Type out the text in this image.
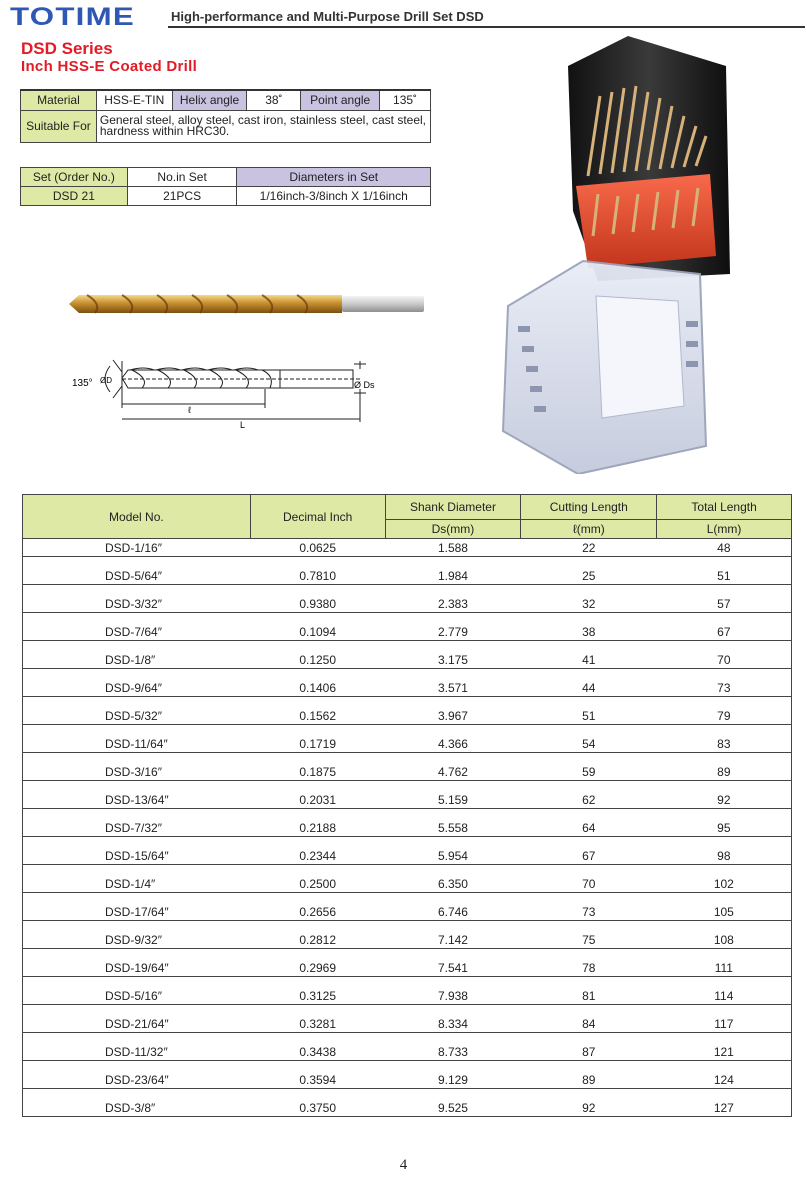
TOTIME	High-performance and Multi-Purpose Drill Set DSD
DSD Series
Inch HSS-E Coated Drill
Material	HSS-E-TIN	Helix angle	38˚	Point angle	135˚
Suitable For	General steel, alloy steel, cast iron, stainless steel, cast steel, hardness within HRC30.				
Set (Order No.)	No.in Set	Diameters in Set
DSD 21	21PCS	1/16inch-3/8inch X 1/16inch
135° ØD	Ø Ds
ℓ
L
Model No.	Decimal Inch	Shank Diameter	Cutting Length	Total Length
		Ds(mm)	ℓ(mm)	L(mm)
DSD-1/16″	0.0625	1.588	22	48
DSD-5/64″	0.7810	1.984	25	51
DSD-3/32″	0.9380	2.383	32	57
DSD-7/64″	0.1094	2.779	38	67
DSD-1/8″	0.1250	3.175	41	70
DSD-9/64″	0.1406	3.571	44	73
DSD-5/32″	0.1562	3.967	51	79
DSD-11/64″	0.1719	4.366	54	83
DSD-3/16″	0.1875	4.762	59	89
DSD-13/64″	0.2031	5.159	62	92
DSD-7/32″	0.2188	5.558	64	95
DSD-15/64″	0.2344	5.954	67	98
DSD-1/4″	0.2500	6.350	70	102
DSD-17/64″	0.2656	6.746	73	105
DSD-9/32″	0.2812	7.142	75	108
DSD-19/64″	0.2969	7.541	78	111
DSD-5/16″	0.3125	7.938	81	114
DSD-21/64″	0.3281	8.334	84	117
DSD-11/32″	0.3438	8.733	87	121
DSD-23/64″	0.3594	9.129	89	124
DSD-3/8″	0.3750	9.525	92	127
4
